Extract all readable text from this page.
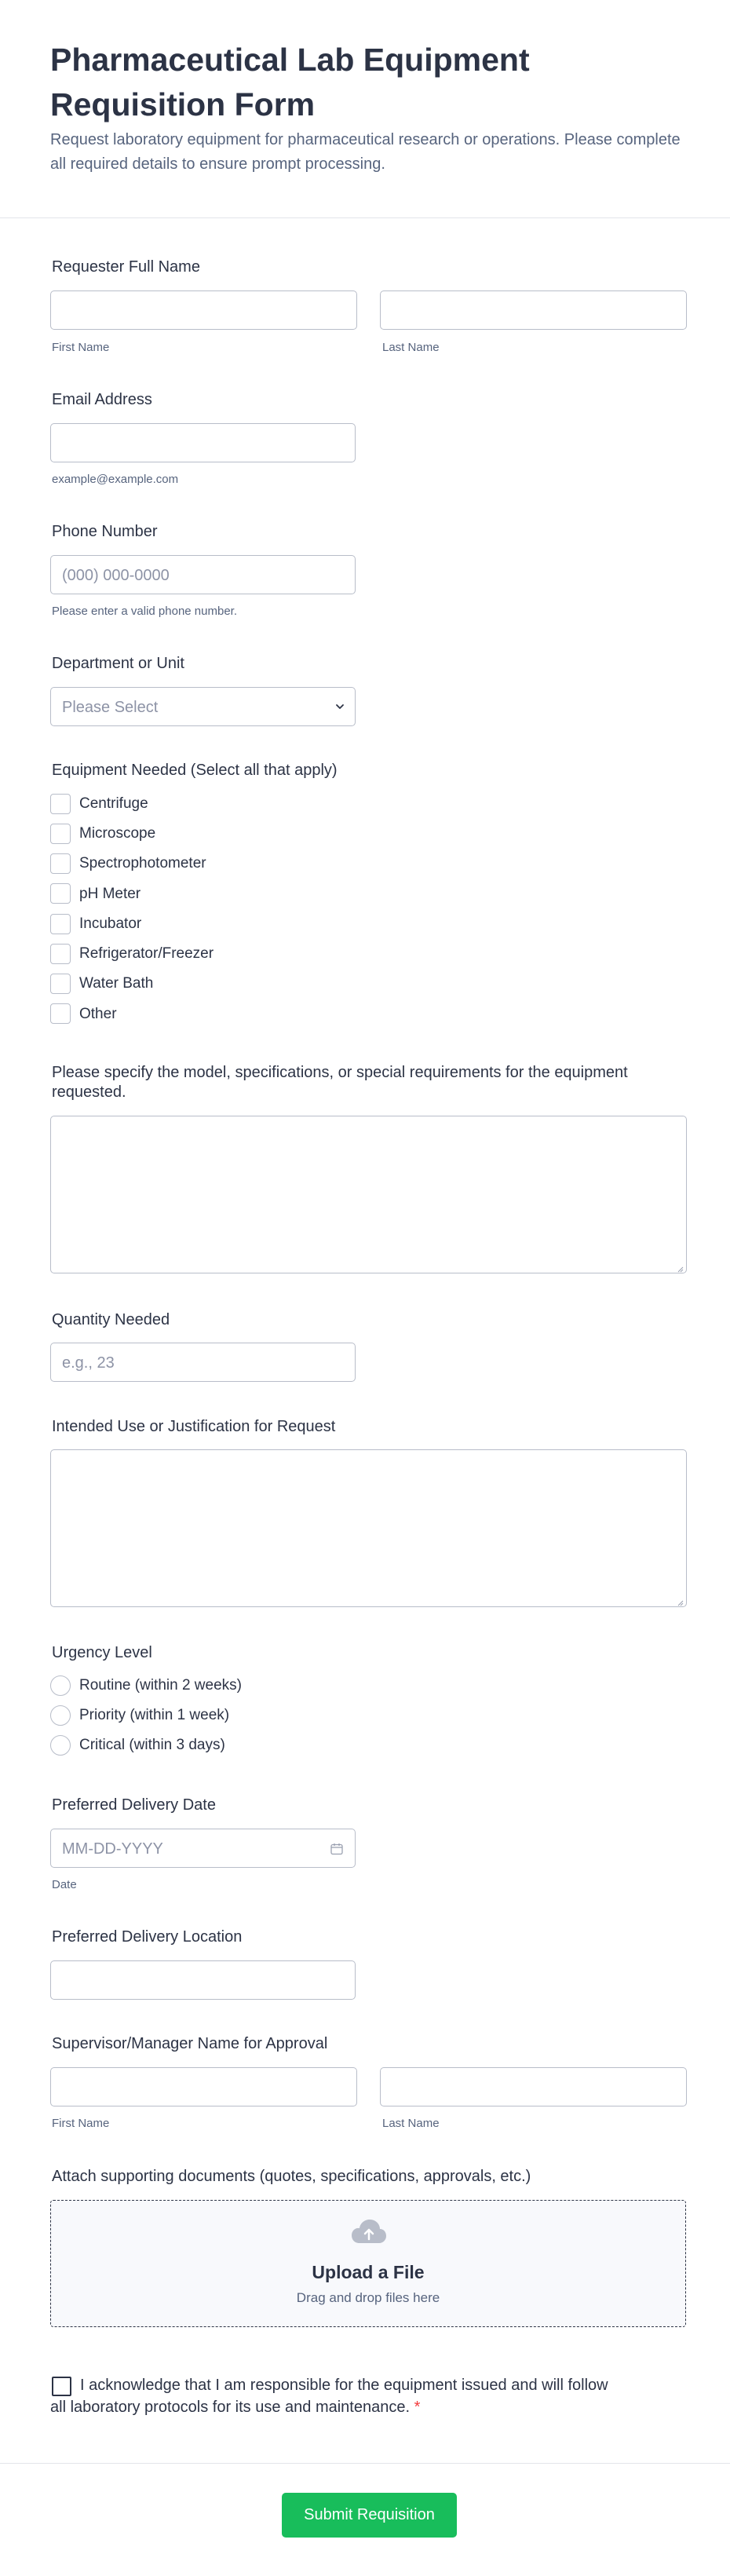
Pharmaceutical Lab Equipment Requisition Form
Request laboratory equipment for pharmaceutical research or operations. Please complete all required details to ensure prompt processing.
Requester Full Name
First Name	Last Name
Email Address
example@example.com
Phone Number
(000) 000-0000
Please enter a valid phone number.
Department or Unit
Please Select
Equipment Needed (Select all that apply)
Centrifuge
Microscope
Spectrophotometer
pH Meter
Incubator
Refrigerator/Freezer
Water Bath
Other
Please specify the model, specifications, or special requirements for the equipment requested.
Quantity Needed
e.g., 23
Intended Use or Justification for Request
Urgency Level
Routine (within 2 weeks)
Priority (within 1 week)
Critical (within 3 days)
Preferred Delivery Date
MM-DD-YYYY
Date
Preferred Delivery Location
Supervisor/Manager Name for Approval
First Name	Last Name
Attach supporting documents (quotes, specifications, approvals, etc.)
Upload a File
Drag and drop files here
I acknowledge that I am responsible for the equipment issued and will follow all laboratory protocols for its use and maintenance. *
Submit Requisition
